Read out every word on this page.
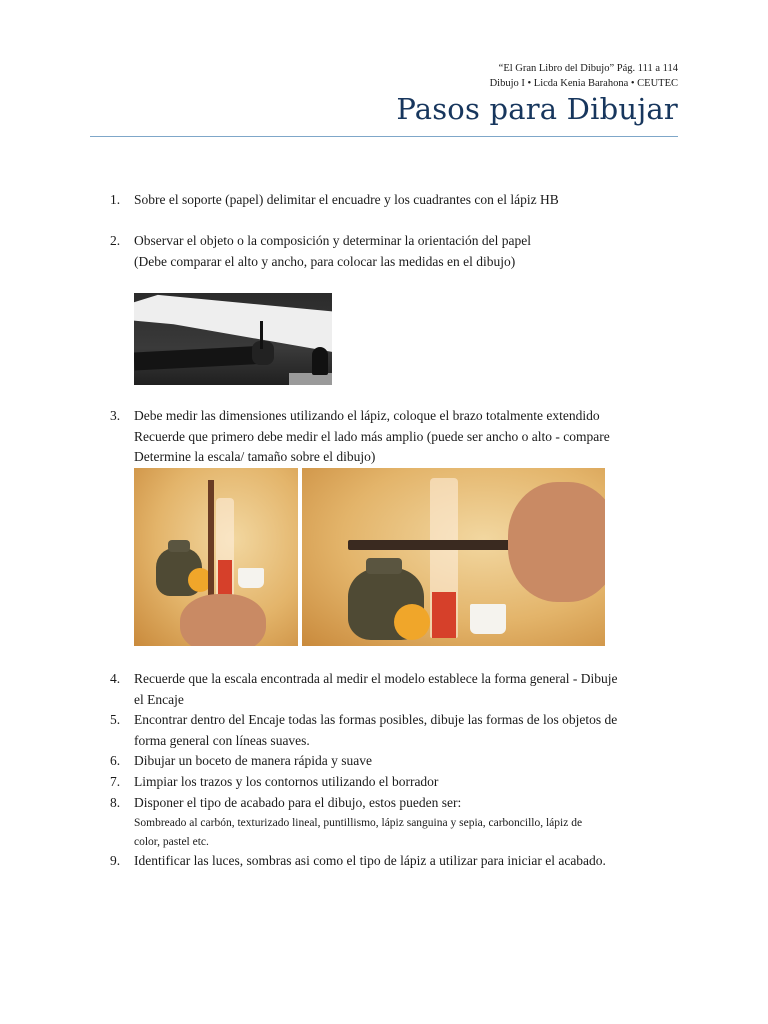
“El Gran Libro del Dibujo” Pág. 111 a 114
Dibujo I • Licda Kenia Barahona • CEUTEC
Pasos para Dibujar
1. Sobre el soporte (papel) delimitar el encuadre y los cuadrantes con el lápiz HB
2. Observar el objeto o la composición y determinar la orientación del papel
(Debe comparar el alto y ancho, para colocar las medidas en el dibujo)
3. Debe medir las dimensiones utilizando el lápiz, coloque el brazo totalmente extendido
Recuerde que primero debe medir el lado más amplio (puede ser ancho o alto - compare
Determine la escala/ tamaño sobre el dibujo)
4. Recuerde que la escala encontrada al medir el modelo establece la forma general - Dibuje
el Encaje
5. Encontrar dentro del Encaje todas las formas posibles, dibuje las formas de los objetos de
forma general con líneas suaves.
6. Dibujar un boceto de manera rápida y suave
7. Limpiar los trazos y los contornos utilizando el borrador
8. Disponer el tipo de acabado para el dibujo, estos pueden ser:
Sombreado al carbón, texturizado lineal, puntillismo, lápiz sanguina y sepia, carboncillo, lápiz de
color, pastel etc.
9. Identificar las luces, sombras asi como el tipo de lápiz a utilizar para iniciar el acabado.
